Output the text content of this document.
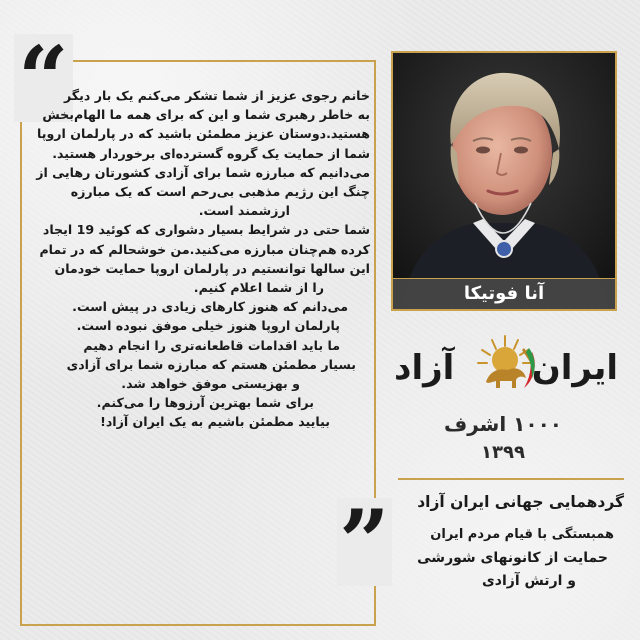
“
”

خانم رجوی عزیز از شما تشکر می‌کنم یک بار دیگر

به خاطر رهبری شما و این که برای همه ما الهام‌بخش

هستید.دوستان عزیز مطمئن باشید که در پارلمان اروپا

شما از حمایت یک گروه گسترده‌ای برخوردار هستید.

می‌دانیم که مبارزه شما برای آزادی کشورتان رهایی از

چنگ این رژیم مذهبی بی‌رحم است که یک مبارزه

ارزشمند است.

شما حتی در شرایط بسیار دشواری که کوئید 19 ایجاد

کرده هم‌چنان مبارزه می‌کنید.من خوشحالم که در تمام

این سالها توانستیم در پارلمان اروپا حمایت خودمان

را از شما اعلام کنیم.

می‌دانم که هنوز کارهای زیادی در پیش است.

پارلمان اروپا هنوز خیلی موفق نبوده است.

ما باید اقدامات قاطعانه‌تری را انجام دهیم

بسیار مطمئن هستم که مبارزه شما برای آزادی

و بهزیستی موفق خواهد شد.

برای شما بهترین آرزوها را می‌کنم.

بیایید مطمئن باشیم به یک ایران آزاد!

آنا فوتیکا
ایران
آزاد
۱۰۰۰ اشرف
۱۳۹۹

گردهمایی جهانی ایران آزاد

همبستگی با قیام مردم ایران

حمایت از کانونهای شورشی

و ارتش آزادی
